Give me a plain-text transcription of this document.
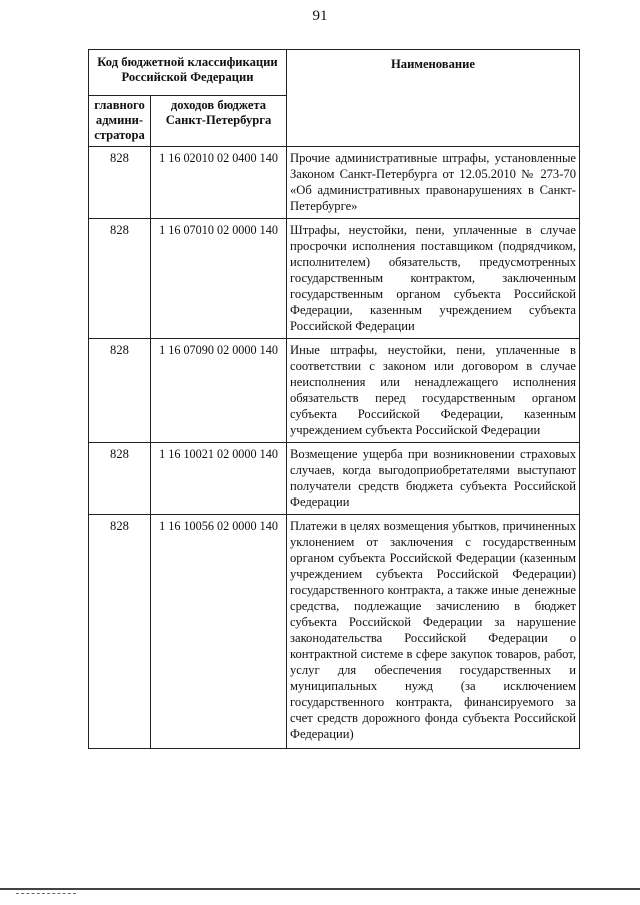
91
Код бюджетной классификации Российской Федерации		Наименование
главного админи-стратора	доходов бюджета Санкт-Петербурга	
828	1 16 02010 02 0400 140	Прочие административные штрафы, установленные Законом Санкт-Петербурга от 12.05.2010 № 273-70 «Об административных правонарушениях в Санкт-Петербурге»
828	1 16 07010 02 0000 140	Штрафы, неустойки, пени, уплаченные в случае просрочки исполнения поставщиком (подрядчиком, исполнителем) обязательств, предусмотренных государственным контрактом, заключенным государственным органом субъекта Российской Федерации, казенным учреждением субъекта Российской Федерации
828	1 16 07090 02 0000 140	Иные штрафы, неустойки, пени, уплаченные в соответствии с законом или договором в случае неисполнения или ненадлежащего исполнения обязательств перед государственным органом субъекта Российской Федерации, казенным учреждением субъекта Российской Федерации
828	1 16 10021 02 0000 140	Возмещение ущерба при возникновении страховых случаев, когда выгодоприобретателями выступают получатели средств бюджета субъекта Российской Федерации
828	1 16 10056 02 0000 140	Платежи в целях возмещения убытков, причиненных уклонением от заключения с государственным органом субъекта Российской Федерации (казенным учреждением субъекта Российской Федерации) государственного контракта, а также иные денежные средства, подлежащие зачислению в бюджет субъекта Российской Федерации за нарушение законодательства Российской Федерации о контрактной системе в сфере закупок товаров, работ, услуг для обеспечения государственных и муниципальных нужд (за исключением государственного контракта, финансируемого за счет средств дорожного фонда субъекта Российской Федерации)
